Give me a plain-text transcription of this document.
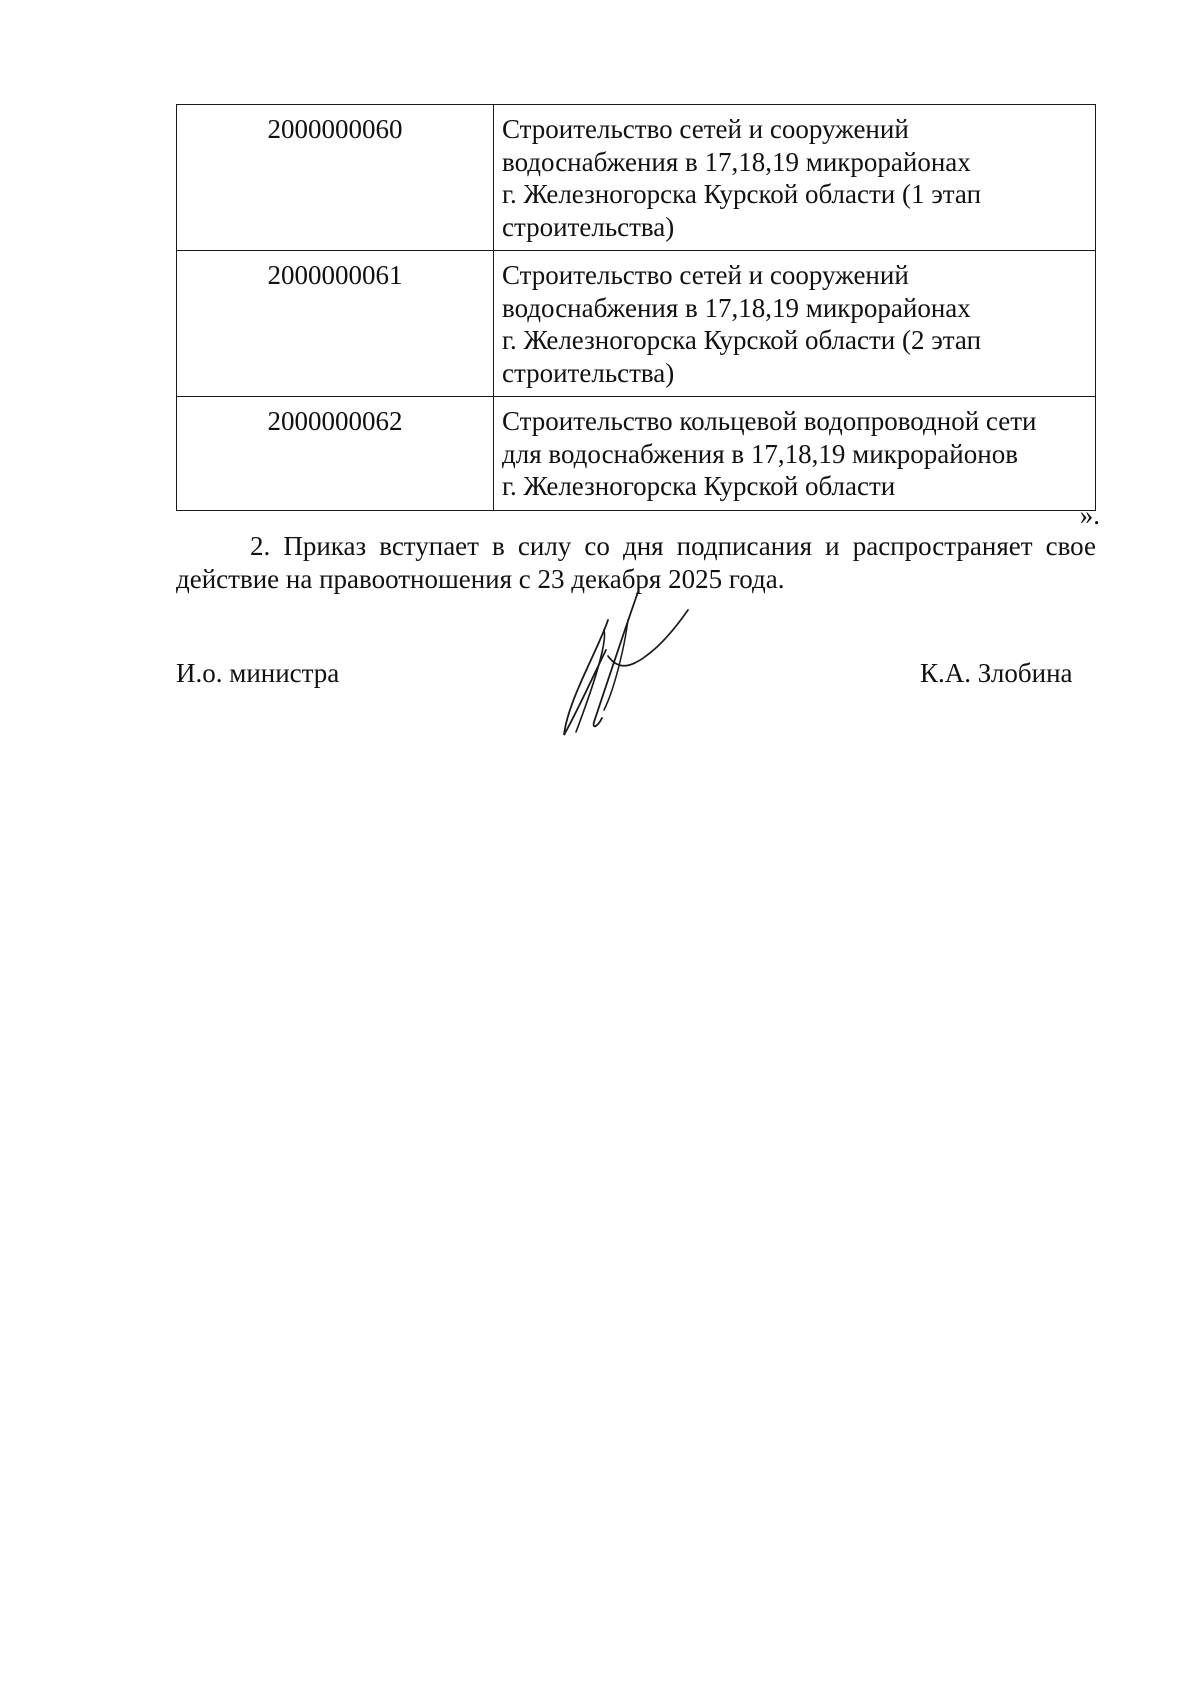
2000000060	Строительство сетей и сооружений
водоснабжения в 17,18,19 микрорайонах
г. Железногорска Курской области (1 этап
строительства)

2000000061	Строительство сетей и сооружений
водоснабжения в 17,18,19 микрорайонах
г. Железногорска Курской области (2 этап
строительства)

2000000062	Строительство кольцевой водопроводной сети
для водоснабжения в 17,18,19 микрорайонов
г. Железногорска Курской области
».
2. Приказ вступает в силу со дня подписания и распространяет свое
действие на правоотношения с 23 декабря 2025 года.
И.о. министра	К.А. Злобина
